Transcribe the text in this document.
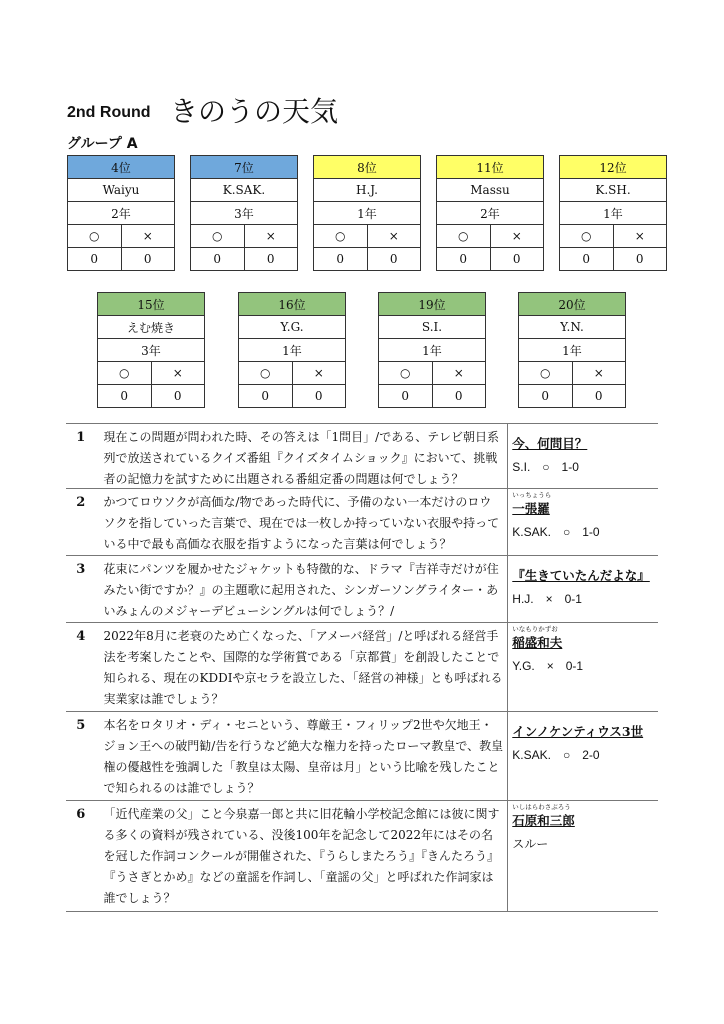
2nd Round きのうの天気
グループ A
4位	
Waiyu	
2年	
○	×
0	0
7位	
K.SAK.	
3年	
○	×
0	0
8位	
H.J.	
1年	
○	×
0	0
11位	
Massu	
2年	
○	×
0	0
12位	
K.SH.	
1年	
○	×
0	0
15位	
えむ焼き	
3年	
○	×
0	0
16位	
Y.G.	
1年	
○	×
0	0
19位	
S.I.	
1年	
○	×
0	0
20位	
Y.N.	
1年	
○	×
0	0
1	現在この問題が問われた時、その答えは「1問目」/である、テレビ朝日系列で放送されているクイズ番組『クイズタイムショック』において、挑戦者の記憶力を試すために出題される番組定番の問題は何でしょう？
今、何問目？
S.I.　○　1-0
2	かつてロウソクが高価な/物であった時代に、予備のない一本だけのロウソクを指していった言葉で、現在では一枚しか持っていない衣服や持っている中で最も高価な衣服を指すようになった言葉は何でしょう？
いっちょうら
一張羅
K.SAK.　○　1-0
3	花束にパンツを履かせたジャケットも特徴的な、ドラマ『吉祥寺だけが住みたい街ですか？』の主題歌に起用された、シンガーソングライター・あいみょんのメジャーデビューシングルは何でしょう？/
『生きていたんだよな』
H.J.　×　0-1
4	2022年8月に老衰のため亡くなった、「アメーバ経営」/と呼ばれる経営手法を考案したことや、国際的な学術賞である「京都賞」を創設したことで知られる、現在のKDDIや京セラを設立した、「経営の神様」とも呼ばれる実業家は誰でしょう？
いなもりかずお
稲盛和夫
Y.G.　×　0-1
5	本名をロタリオ・ディ・セニという、尊厳王・フィリップ2世や欠地王・ジョン王への破門勧/告を行うなど絶大な権力を持ったローマ教皇で、教皇権の優越性を強調した「教皇は太陽、皇帝は月」という比喩を残したことで知られるのは誰でしょう？
インノケンティウス3世
K.SAK.　○　2-0
6	「近代産業の父」こと今泉嘉一郎と共に旧花輪小学校記念館には彼に関する多くの資料が残されている、没後100年を記念して2022年にはその名を冠した作詞コンクールが開催された、『うらしまたろう』『きんたろう』『うさぎとかめ』などの童謡を作詞し、「童謡の父」と呼ばれた作詞家は誰でしょう？
いしはらわさぶろう
石原和三郎
スルー
